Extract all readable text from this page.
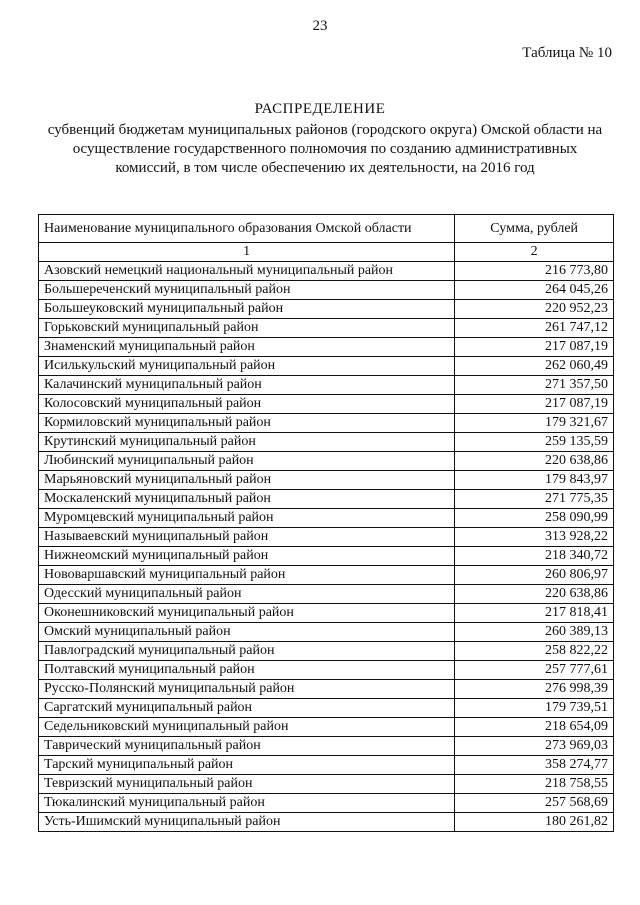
23
Таблица № 10
РАСПРЕДЕЛЕНИЕ
субвенций бюджетам муниципальных районов (городского округа) Омской области на
осуществление государственного полномочия по созданию административных
комиссий, в том числе обеспечению их деятельности, на 2016 год
Наименование муниципального образования Омской области	Сумма, рублей
1	2
Азовский немецкий национальный муниципальный район	216 773,80
Большереченский муниципальный район	264 045,26
Большеуковский муниципальный район	220 952,23
Горьковский муниципальный район	261 747,12
Знаменский муниципальный район	217 087,19
Исилькульский муниципальный район	262 060,49
Калачинский муниципальный район	271 357,50
Колосовский муниципальный район	217 087,19
Кормиловский муниципальный район	179 321,67
Крутинский муниципальный район	259 135,59
Любинский муниципальный район	220 638,86
Марьяновский муниципальный район	179 843,97
Москаленский муниципальный район	271 775,35
Муромцевский муниципальный район	258 090,99
Называевский муниципальный район	313 928,22
Нижнеомский муниципальный район	218 340,72
Нововаршавский муниципальный район	260 806,97
Одесский муниципальный район	220 638,86
Оконешниковский муниципальный район	217 818,41
Омский муниципальный район	260 389,13
Павлоградский муниципальный район	258 822,22
Полтавский муниципальный район	257 777,61
Русско-Полянский муниципальный район	276 998,39
Саргатский муниципальный район	179 739,51
Седельниковский муниципальный район	218 654,09
Таврический муниципальный район	273 969,03
Тарский муниципальный район	358 274,77
Тевризский муниципальный район	218 758,55
Тюкалинский муниципальный район	257 568,69
Усть-Ишимский муниципальный район	180 261,82
